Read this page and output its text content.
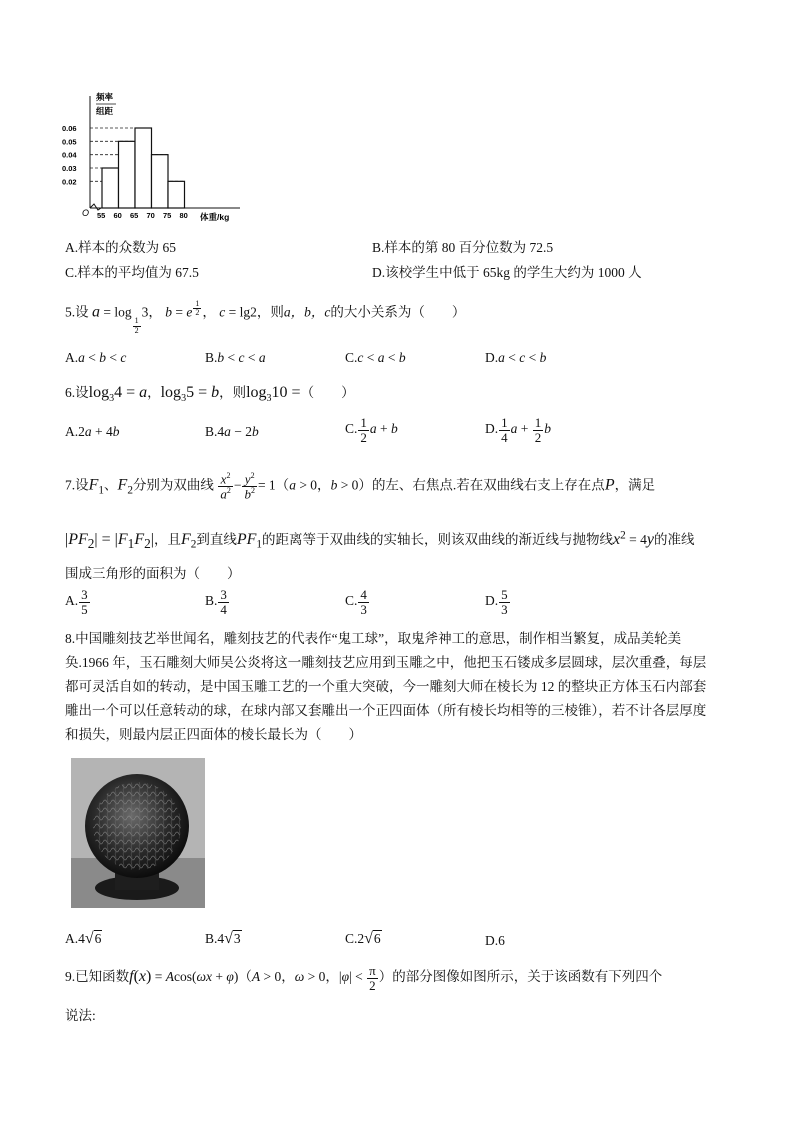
0.06
0.05
0.04
0.03
0.02
55 60 65 70 75 80
频率
组距
O	体重/kg
A.样本的众数为 65	B.样本的第 80 百分位数为 72.5
C.样本的平均值为 67.5	D.该校学生中低于 65kg 的学生大约为 1000 人
5.设 a = log
$_{\frac{1}{2}}$
3， b = e $^{\frac{1}{2}}$ ， c = lg2，则a，b，c的大小关系为（　　）
A.a < b < c	B.b < c < a	C.c < a < b	D.a < c < b
6.设$\log_34 = a$，$\log_35 = b$，则$\log_310$ =（　　）
A.2a + 4b	B.4a − 2b	C. $\frac{1}{2}$ a + b	D. $\frac{1}{4}$ $a + \frac{1}{2}$ b
7.设$F_1$、$F_2$分别为双曲线 $\frac{x^2}{a^2} - \frac{y^2}{b^2} = 1(a > 0$，b > 0）的左、右焦点.若在双曲线右支上存在点P，满足
$|PF_2| = |F_1F_2|$，且$F_2$到直线$PF_1$的距离等于双曲线的实轴长，则该双曲线的渐近线与抛物线$x^2 = 4y$的准线
围成三角形的面积为（　　）
A. $\frac{3}{5}$	B. $\frac{3}{4}$	C. $\frac{4}{3}$	D. $\frac{5}{3}$
8.中国雕刻技艺举世闻名，雕刻技艺的代表作“鬼工球”，取鬼斧神工的意思，制作相当繁复，成品美轮美
奂.1966 年，玉石雕刻大师吴公炎将这一雕刻技艺应用到玉雕之中，他把玉石镂成多层圆球，层次重叠，每层
都可灵活自如的转动，是中国玉雕工艺的一个重大突破，今一雕刻大师在棱长为 12 的整块正方体玉石内部套
雕出一个可以任意转动的球，在球内部又套雕出一个正四面体（所有棱长均相等的三棱锥），若不计各层厚度
和损失，则最内层正四面体的棱长最长为（　　）
A.4√6	B.4√3	C.2√6	D.6
9.已知函数f(x) = Acos(ωx + φ)（A > 0，ω > 0，$|\varphi| < \frac{\pi}{2}$ ）的部分图像如图所示，关于该函数有下列四个
说法:
